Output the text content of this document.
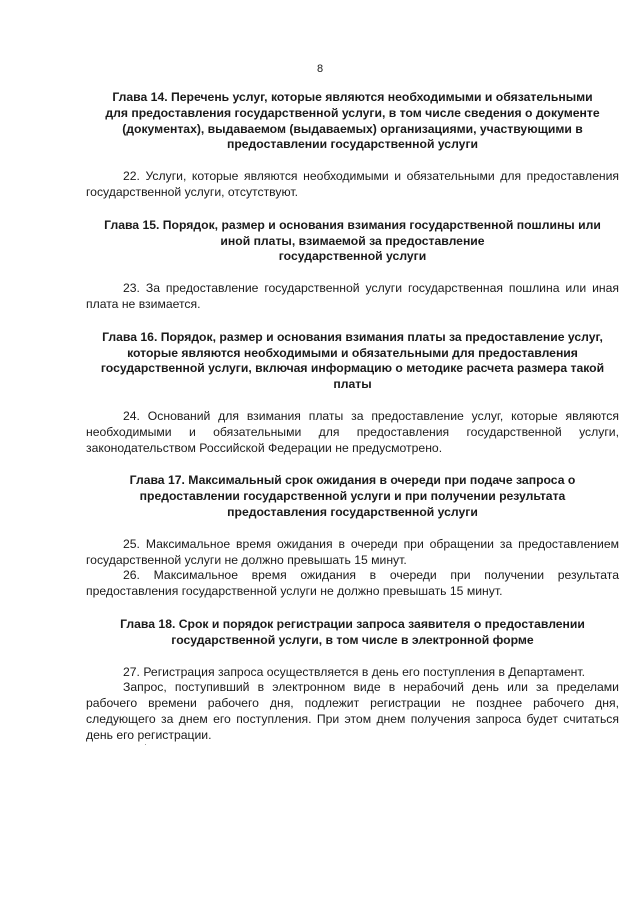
8
Глава 14. Перечень услуг, которые являются необходимыми и обязательными
для предоставления государственной услуги, в том числе сведения о документе
(документах), выдаваемом (выдаваемых) организациями, участвующими в
предоставлении государственной услуги

22. Услуги, которые являются необходимыми и обязательными для предоставления государственной услуги, отсутствуют.

Глава 15. Порядок, размер и основания взимания государственной пошлины или
иной платы, взимаемой за предоставление
государственной услуги

23. За предоставление государственной услуги государственная пошлина или иная плата не взимается.

Глава 16. Порядок, размер и основания взимания платы за предоставление услуг,
которые являются необходимыми и обязательными для предоставления
государственной услуги, включая информацию о методике расчета размера такой
платы

24. Оснований для взимания платы за предоставление услуг, которые являются необходимыми и обязательными для предоставления государственной услуги, законодательством Российской Федерации не предусмотрено.

Глава 17. Максимальный срок ожидания в очереди при подаче запроса о
предоставлении государственной услуги и при получении результата
предоставления государственной услуги

25. Максимальное время ожидания в очереди при обращении за предоставлением государственной услуги не должно превышать 15 минут.

26. Максимальное время ожидания в очереди при получении результата предоставления государственной услуги не должно превышать 15 минут.

Глава 18. Срок и порядок регистрации запроса заявителя о предоставлении
государственной услуги, в том числе в электронной форме

27. Регистрация запроса осуществляется в день его поступления в Департамент.

Запрос, поступивший в электронном виде в нерабочий день или за пределами рабочего времени рабочего дня, подлежит регистрации не позднее рабочего дня, следующего за днем его поступления. При этом днем получения запроса будет считаться день его регистрации.
